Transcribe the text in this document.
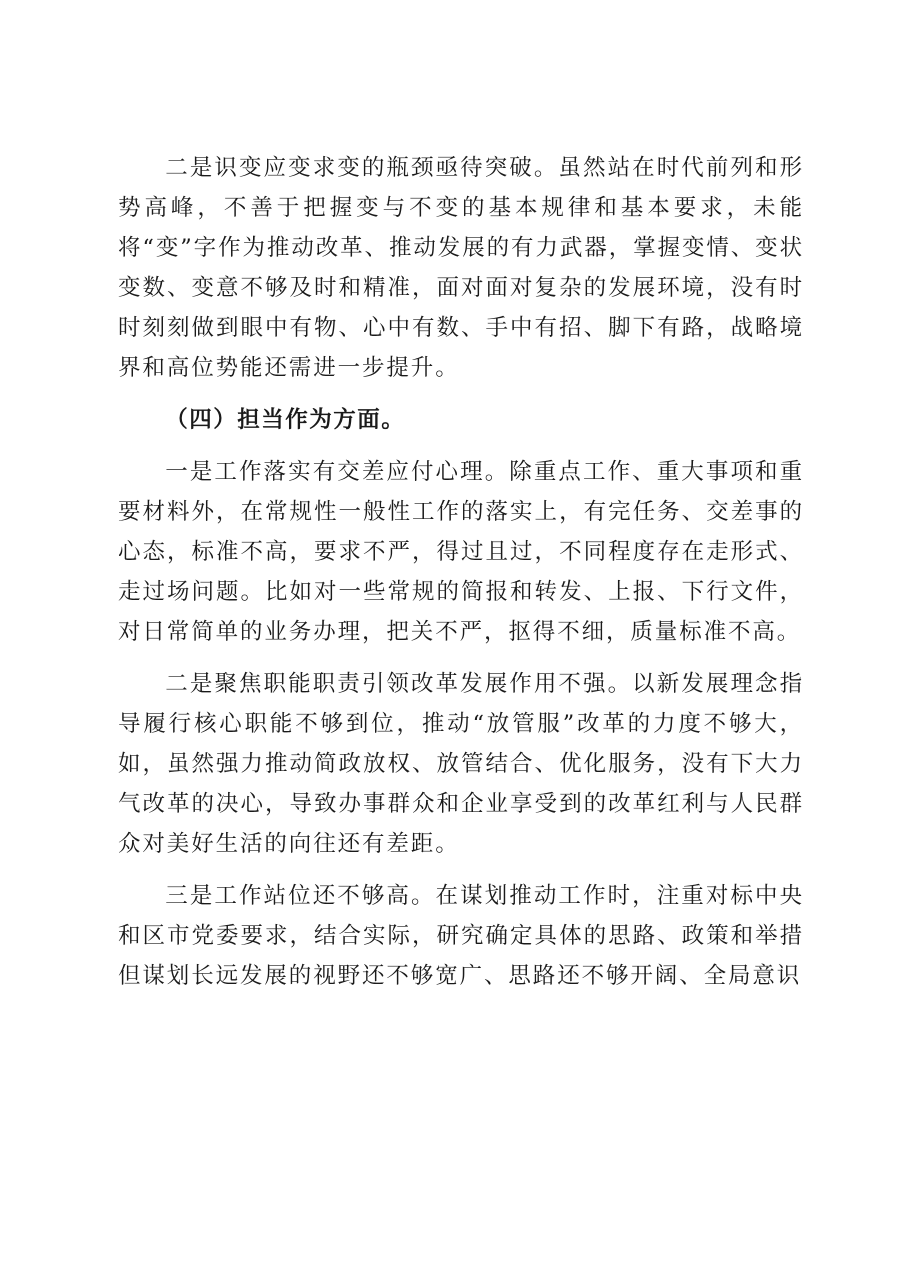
二是识变应变求变的瓶颈亟待突破。虽然站在时代前列和形势高峰，不善于把握变与不变的基本规律和基本要求，未能将“变”字作为推动改革、推动发展的有力武器，掌握变情、变状变数、变意不够及时和精准，面对面对复杂的发展环境，没有时时刻刻做到眼中有物、心中有数、手中有招、脚下有路，战略境界和高位势能还需进一步提升。

（四）担当作为方面。

一是工作落实有交差应付心理。除重点工作、重大事项和重要材料外，在常规性一般性工作的落实上，有完任务、交差事的心态，标准不高，要求不严，得过且过，不同程度存在走形式、走过场问题。比如对一些常规的简报和转发、上报、下行文件，对日常简单的业务办理，把关不严，抠得不细，质量标准不高。

二是聚焦职能职责引领改革发展作用不强。以新发展理念指导履行核心职能不够到位，推动“放管服”改革的力度不够大，如，虽然强力推动简政放权、放管结合、优化服务，没有下大力气改革的决心，导致办事群众和企业享受到的改革红利与人民群众对美好生活的向往还有差距。

三是工作站位还不够高。在谋划推动工作时，注重对标中央和区市党委要求，结合实际，研究确定具体的思路、政策和举措但谋划长远发展的视野还不够宽广、思路还不够开阔、全局意识
